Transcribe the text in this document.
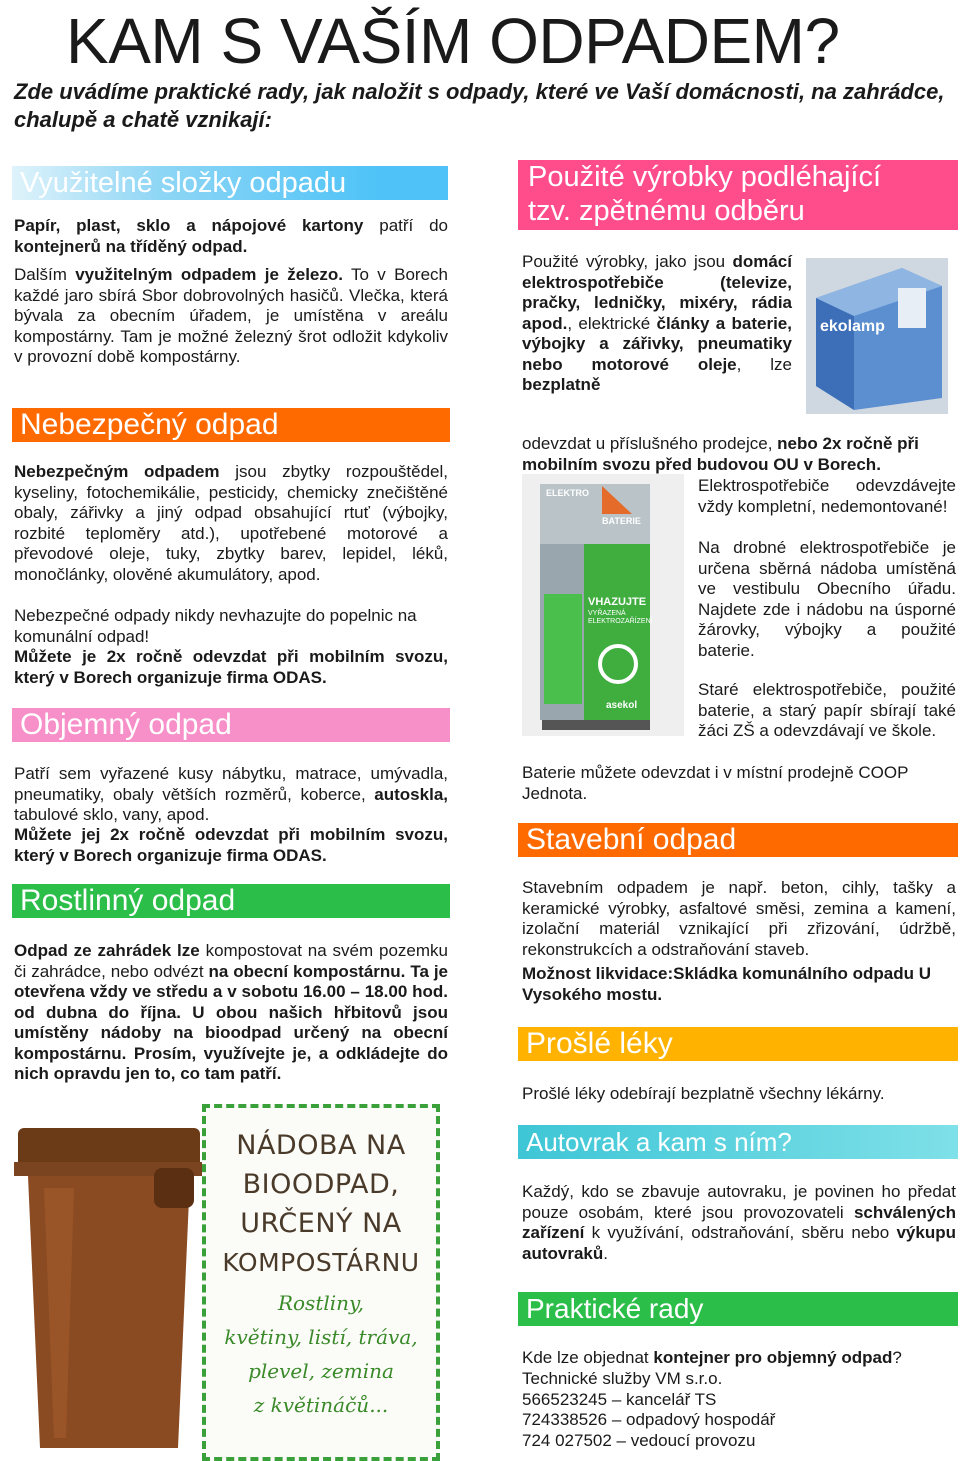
KAM S VAŠÍM ODPADEM?
Zde uvádíme praktické rady, jak naložit s odpady, které ve Vaší domácnosti, na zahrádce, chalupě a chatě vznikají:
Využitelné složky odpadu
Papír, plast, sklo a nápojové kartony patří do kontejnerů na tříděný odpad.
Dalším využitelným odpadem je železo. To v Borech každé jaro sbírá Sbor dobrovolných hasičů. Vlečka, která bývala za obecním úřadem, je umístěna v areálu kompostárny. Tam je možné železný šrot odložit kdykoliv v provozní době kompostárny.
Nebezpečný odpad
Nebezpečným odpadem jsou zbytky rozpouštědel, kyseliny, fotochemikálie, pesticidy, chemicky znečištěné obaly, zářivky a jiný odpad obsahující rtuť (výbojky, rozbité teploměry atd.), upotřebené motorové a převodové oleje, tuky, zbytky barev, lepidel, léků, monočlánky, olověné akumulátory, apod.
Nebezpečné odpady nikdy nevhazujte do popelnic na komunální odpad!
Můžete je 2x ročně odevzdat při mobilním svozu, který v Borech organizuje firma ODAS.
Objemný odpad
Patří sem vyřazené kusy nábytku, matrace, umývadla, pneumatiky, obaly větších rozměrů, koberce, autoskla, tabulové sklo, vany, apod.
Můžete jej 2x ročně odevzdat při mobilním svozu, který v Borech organizuje firma ODAS.
Rostlinný odpad
Odpad ze zahrádek lze kompostovat na svém pozemku či zahrádce, nebo odvézt na obecní kompostárnu. Ta je otevřena vždy ve středu a v sobotu 16.00 – 18.00 hod. od dubna do října. U obou našich hřbitovů jsou umístěny nádoby na bioodpad určený na obecní kompostárnu. Prosím, využívejte je, a odkládejte do nich opravdu jen to, co tam patří.
NÁDOBA NA
BIOODPAD,
URČENÝ NA
KOMPOSTÁRNU
Rostliny,
květiny, listí, tráva,
plevel, zemina
z květináčů...
Použité výrobky podléhající
tzv. zpětnému odběru
Použité výrobky, jako jsou domácí elektrospotřebiče (televize, pračky, ledničky, mixéry, rádia apod., elektrické články a baterie, výbojky a zářivky, pneumatiky nebo motorové oleje, lze bezplatně
odevzdat u příslušného prodejce, nebo 2x ročně při mobilním svozu před budovou OU v Borech.
ekolamp
ELEKTRO
BATERIE
VHAZUJTE
VYŘAZENÁ ELEKTROZAŘÍZENÍ
asekol
Elektrospotřebiče odevzdávejte vždy kompletní, nedemontované!
Na drobné elektrospotřebiče je určena sběrná nádoba umístěná ve vestibulu Obecního úřadu. Najdete zde i nádobu na úsporné žárovky, výbojky a použité baterie.
Staré elektrospotřebiče, použité baterie, a starý papír sbírají také žáci ZŠ a odevzdávají ve škole.
Baterie můžete odevzdat i v místní prodejně COOP Jednota.
Stavební odpad
Stavebním odpadem je např. beton, cihly, tašky a keramické výrobky, asfaltové směsi, zemina a kamení, izolační materiál vznikající při zřizování, údržbě, rekonstrukcích a odstraňování staveb.
Možnost likvidace:Skládka komunálního odpadu U Vysokého mostu.
Prošlé léky
Prošlé léky odebírají bezplatně všechny lékárny.
Autovrak a kam s ním?
Každý, kdo se zbavuje autovraku, je povinen ho předat pouze osobám, které jsou provozovateli schválených zařízení k využívání, odstraňování, sběru nebo výkupu autovraků.
Praktické rady
Kde lze objednat kontejner pro objemný odpad?
Technické služby VM s.r.o.
566523245 – kancelář TS
724338526 – odpadový hospodář
724 027502 – vedoucí provozu
